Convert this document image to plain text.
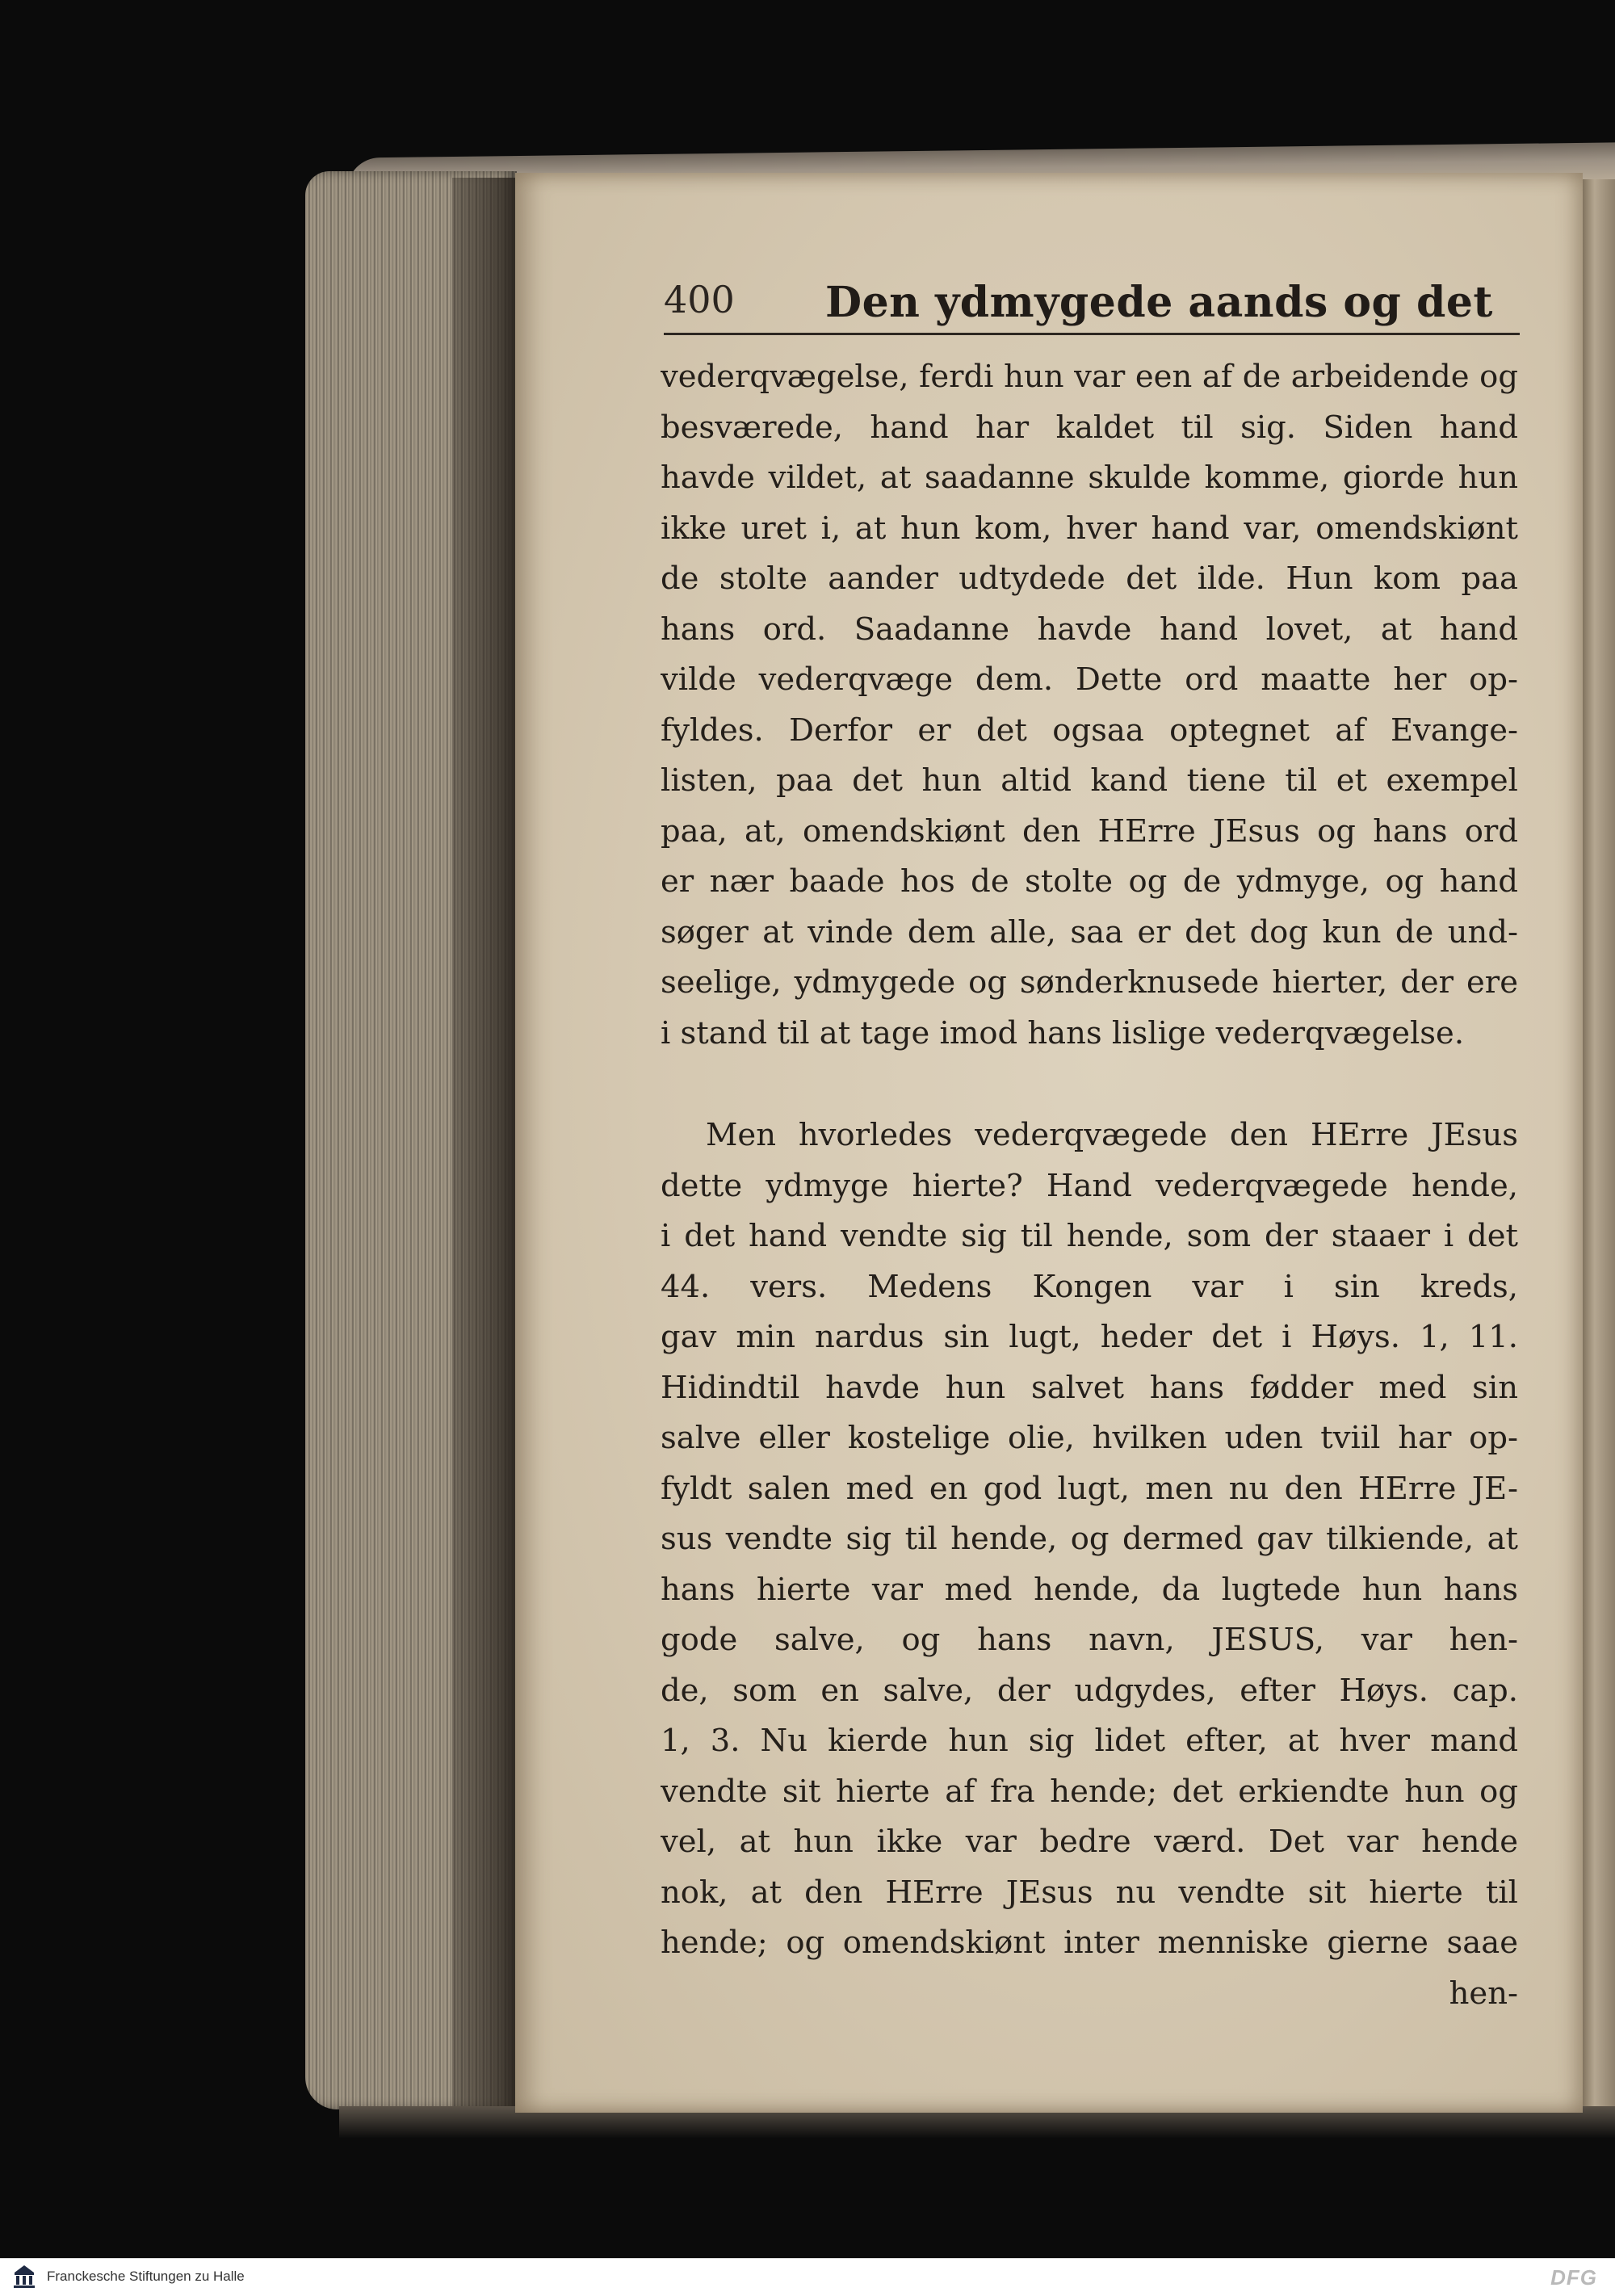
400 Den ydmygede aands og det
vederqvægelse, ferdi hun var een af de arbeidende og
besværede, hand har kaldet til sig. Siden hand
havde vildet, at saadanne skulde komme, giorde hun
ikke uret i, at hun kom, hver hand var, omendskiønt
de stolte aander udtydede det ilde. Hun kom paa
hans ord. Saadanne havde hand lovet, at hand
vilde vederqvæge dem. Dette ord maatte her op-
fyldes. Derfor er det ogsaa optegnet af Evange-
listen, paa det hun altid kand tiene til et exempel
paa, at, omendskiønt den HErre JEsus og hans ord
er nær baade hos de stolte og de ydmyge, og hand
søger at vinde dem alle, saa er det dog kun de und-
seelige, ydmygede og sønderknusede hierter, der ere
i stand til at tage imod hans lislige vederqvægelse.
Men hvorledes vederqvægede den HErre JEsus
dette ydmyge hierte? Hand vederqvægede hende,
i det hand vendte sig til hende, som der staaer i det
44. vers. Medens Kongen var i sin kreds,
gav min nardus sin lugt, heder det i Høys. 1, 11.
Hidindtil havde hun salvet hans fødder med sin
salve eller kostelige olie, hvilken uden tviil har op-
fyldt salen med en god lugt, men nu den HErre JE-
sus vendte sig til hende, og dermed gav tilkiende, at
hans hierte var med hende, da lugtede hun hans
gode salve, og hans navn, JESUS, var hen-
de, som en salve, der udgydes, efter Høys. cap.
1, 3. Nu kierde hun sig lidet efter, at hver mand
vendte sit hierte af fra hende; det erkiendte hun og
vel, at hun ikke var bedre værd. Det var hende
nok, at den HErre JEsus nu vendte sit hierte til
hende; og omendskiønt inter menniske gierne saae
hen-
Franckesche Stiftungen zu Halle	DFG
